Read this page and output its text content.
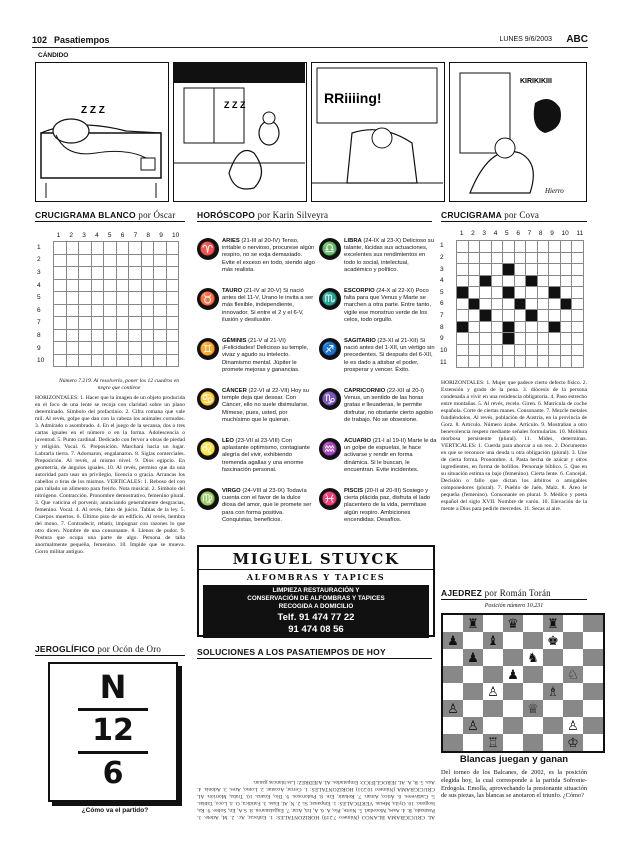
102 Pasatiempos	LUNES 9/6/2003 ABC
CÁNDIDO
Z Z Z	Z Z Z	RRiiiing!
KIRIKIKIII
Hierro
CRUCIGRAMA BLANCO por Óscar
1 2 3 4 5 6 7 8 9 10
1
2
3
4
5
6
7
8
9
10

Número 7.219. Al resolverlo, poner los 12 cuadros en negro que contiene
HORIZONTALES: 1. Hacer que la imagen de un objeto producida en el foco de una lente se recoja con claridad sobre un plano determinado. Símbolo del prefactinio. 2. Cifra romana que vale mil. Al revés, golpe que dan con la cabeza los animales cornudos. 3. Admirado o asombrado. 4. En el juego de la secansa, dos o tres cartas iguales en el número o en la forma. Adolescencia o juventud. 5. Punto cardinal. Dedicado con fervor a obras de piedad y religión. Vocal. 6. Preposición. Marchará hacia un lugar. Labrarla tierra. 7. Adornaron, engalanaron. 8. Siglas comerciales. Preposición. Al revés, al mismo nivel. 9. Dios egipcio. En geometría, de ángulos iguales. 10. Al revés, permiso que da una autoridad para usar un privilegio, licencia o gracia. Arrancas los cabellos o tiras de los mismos. VERTICALES: 1. Reboso del con pan rallado un alimento para freírlo. Nota musical. 2. Símbolo del nitrógeno. Contracción. Pronombre demostrativo, femenino plural. 3. Que vaticina el porvenir, anunciando generalmente desgracias, femenino. Vocal. 4. Al revés, falto de juicio. Tablas de la ley. 5. Cuerpos muertos. 6. Último piso de un edificio. Al revés, hembra del mono. 7. Contradecir, rebatir, impugnar con razones lo que otro dicen. Nombre de una consonante. 8. Llenos de pudor. 9. Postura que ocupa una parte de algo. Persona de talla anormalmente pequeña, femenino. 10. Impide que se mueva. Gorro militar antiguo.
JEROGLÍFICO por Ocón de Oro
N
12
6
¿Cómo va el partido?
HORÓSCOPO por Karin Silveyra
♈	ARIES (21-III al 20-IV) Tenso, irritable o nervioso, procurese algún respiro, no se exija demasiado. Evite el exceso en todo, siendo algo más realista.
♉	TAURO (21-IV al 20-V) Si nació antes del 11-V, Urano le invita a ser más flexible, independiente, innovador. Si entre el 2 y el 6-V, ilusión y desilusión.
♊	GÉMINIS (21-V al 21-VI) ¡Felicidades! Delicioso su temple, vivaz y agudo su intelecto. Dinamismo mental. Júpiter le promete mejoras y ganancias.
♋	CÁNCER (22-VI al 22-VII) Hoy su temple deja que desear. Con Cáncer, ello no suele disimularse. Mímese, pues, usted, por muchísimo que le quieran.
♌	LEO (23-VII al 23-VIII) Con aplastante optimismo, contagiante alegría del vivir, exhibiendo tremenda agallas y una enorme fascinación personal.
♍	VIRGO (24-VIII al 23-IX) Todavía cuenta con el favor de la dulce diosa del amor, que le promete ser para con forma positiva. Conquistas, beneficios.
♎	LIBRA (24-IX al 23-X) Delicioso su talante, lúcidas sus actuaciones, excelentes sus rendimientos en todo lo social, intelectual, académico y político.
♏	ESCORPIO (24-X al 22-XI) Poco falta para que Venus y Marte se marchen a otra parte. Entre tanto, vigile ese monstruo verde de los celos, todo orgullo.
♐	SAGITARIO (23-XI al 21-XII) Si nació antes del 1-XII, un vértigo sin precedentes. Si después del 6-XII, le es dado a atisbar el poder, prosperar y vencer. Éxito.
♑	CAPRICORNIO (22-XII al 20-I) Venus, un sentido de las horas gratas e lleuaderas, le permite disfrutar, no obstante cierto agobio de trabajo. No se obsesione.
♒	ACUARIO (21-I al 19-II) Marte le da un golpe de espuelas, le hace activarse y rendir en forma dinámica. Si le buscan, le encuentran. Evite incidentes.
♓	PISCIS (20-II al 20-III) Sosiego y cierta plácida paz, disfruta el lado placentero de la vida, permítase algún respiro. Ambiciones encendidas. Desafíos.
MIGUEL STUYCK
ALFOMBRAS Y TAPICES
LIMPIEZA RESTAURACIÓN Y
CONSERVACIÓN DE ALFOMBRAS Y TAPICES
RECOGIDA A DOMICILIO
Telf. 91 474 77 22
91 474 08 56
SOLUCIONES A LOS PASATIEMPOS DE HOY
AL CRUCIGRAMA BLANCO (Número 7.219) HORIZONTALES: 1. Enfocar, Ac. 2. M, Atlete. 3. Pasmado, R. 4. Ases, Mocedad. 5. Norte, Pío, A. 6. A, Irá, Arar. 7. Engalanaron. 8. S.A, En, Sobre. 9. Ra, Isogono. 10. Oyila, Mesas. VERTICALES: 1. Empanar, Si. 2. N, Al, Esas. 3. Fatídica, O. 4. Loco, Tablas. 5. Cadáveres. 6. Ático, Aman. 7. Rebatir, Ere. 8. Pudorosos. 9. Dio, Enana. 10. Traba, Morrión. AL CRUCIGRAMA (Número 10.231) HORIZONTALES: 1. Cerrar, Acostar. 2. Lomo, Ares. 3. Adonis. 4. Asa. 5. R, A. AL JEROGLÍFICO: Empatados. AL AJEDREZ: Las blancas ganan.
CRUCIGRAMA por Cova
1 2 3 4 5 6 7 8 9 10 11
1
2
3
4
5
6
7
8
9
10
11

HORIZONTALES: 1. Mujer que padece cierto defecto físico. 2. Extensión y grado de la pena. 3. diócesis de la persona condenada a vivir en una residencia obligatoria. 4. Paso estrecho entre montañas. 5. Al revés, recelo. Giren. 6. Matrícula de coche española. Corte de ciertas manes. Consonante. 7. Mezcle metales fundiéndolos. Al revés, población de Austria, en la provincia de Gorz. 8. Artículo. Número árabe. Artículo. 9. Mostraban a otro benevolencia respeto mediante señales formularias. 10. Moldura morbosa persistente (plural). 11. Mides, determinas. VERTICALES: 1. Cuerda para ahorcar a un reo. 2. Documento en que se reconoce una deuda u otra obligación (plural). 3. Une de cierta forma. Pronombre. 4. Pasta hecha de azúcar y otros ingredientes, en forma de bolillos. Personaje bíblico. 5. Que en su situación estima su bajo (femenino). Cierta lente. 6. Concejal. Decisión o fallo que dictan los árbitros o amigables componedores (plural). 7. Pueblo de Jaén. Malz. 8. Áreo le pequeña (femenino). Consonante en plural. 9. Médico y poeta español del siglo XVII. Nombre de varón. 10. Elevación de la mente a Dios para pedirle mercedes. 11. Secas al aire.
AJEDREZ por Román Torán
Posición número 10.231
	♜		♛		♜		
♟		♝			♚		
	♟			♞			
			♟			♘	
		♙			♗		
♙				♕			
	♙					♙	
		♖				♔	
Blancas juegan y ganan
Del torneo de los Balcanes, de 2002, es la posición elegida hoy, la cual corresponde a la partida Sofronie-Erdogola. Emolla, aprovechando la presionante situación de sus piezas, las blancas se anotaron el triunfo. ¿Cómo?
